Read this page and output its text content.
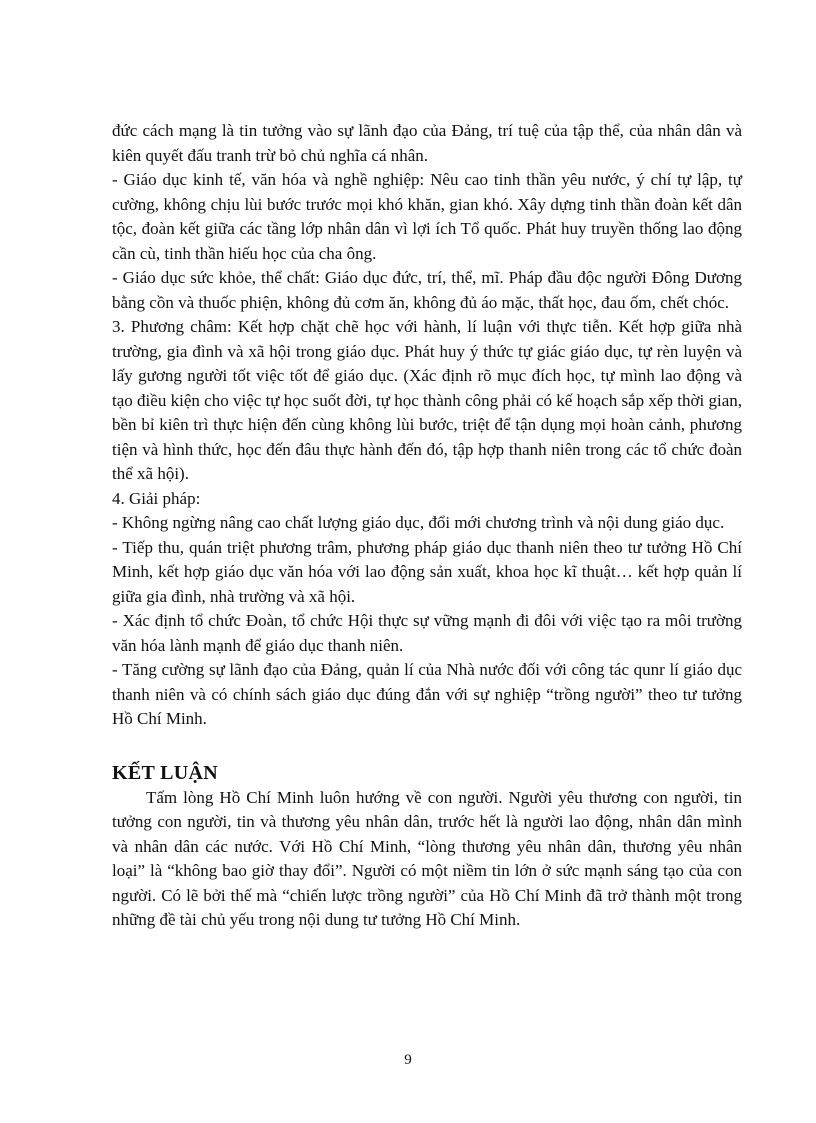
đức cách mạng là tin tưởng vào sự lãnh đạo của Đảng, trí tuệ của tập thể, của nhân dân và kiên quyết đấu tranh trừ bỏ chủ nghĩa cá nhân.

- Giáo dục kinh tế, văn hóa và nghề nghiệp: Nêu cao tinh thần yêu nước, ý chí tự lập, tự cường, không chịu lùi bước trước mọi khó khăn, gian khó. Xây dựng tinh thần đoàn kết dân tộc, đoàn kết giữa các tầng lớp nhân dân vì lợi ích Tổ quốc. Phát huy truyền thống lao động cần cù, tinh thần hiếu học của cha ông.

- Giáo dục sức khỏe, thể chất: Giáo dục đức, trí, thể, mĩ. Pháp đầu độc người Đông Dương bằng cồn và thuốc phiện, không đủ cơm ăn, không đủ áo mặc, thất học, đau ốm, chết chóc.

3. Phương châm: Kết hợp chặt chẽ học với hành, lí luận với thực tiễn. Kết hợp giữa nhà trường, gia đình và xã hội trong giáo dục. Phát huy ý thức tự giác giáo dục, tự rèn luyện và lấy gương người tốt việc tốt để giáo dục. (Xác định rõ mục đích học, tự mình lao động và tạo điều kiện cho việc tự học suốt đời, tự học thành công phải có kế hoạch sắp xếp thời gian, bền bỉ kiên trì thực hiện đến cùng không lùi bước, triệt để tận dụng mọi hoàn cảnh, phương tiện và hình thức, học đến đâu thực hành đến đó, tập hợp thanh niên trong các tổ chức đoàn thể xã hội).

4. Giải pháp:

- Không ngừng nâng cao chất lượng giáo dục, đổi mới chương trình và nội dung giáo dục.

- Tiếp thu, quán triệt phương trâm, phương pháp giáo dục thanh niên theo tư tưởng Hồ Chí Minh, kết hợp giáo dục văn hóa với lao động sản xuất, khoa học kĩ thuật… kết hợp quản lí giữa gia đình, nhà trường và xã hội.

- Xác định tổ chức Đoàn, tổ chức Hội thực sự vững mạnh đi đôi với việc tạo ra môi trường văn hóa lành mạnh để giáo dục thanh niên.

- Tăng cường sự lãnh đạo của Đảng, quản lí của Nhà nước đối với công tác qunr lí giáo dục thanh niên và có chính sách giáo dục đúng đắn với sự nghiệp “trồng người” theo tư tưởng Hồ Chí Minh.

KẾT LUẬN

Tấm lòng Hồ Chí Minh luôn hướng về con người. Người yêu thương con người, tin tưởng con người, tin và thương yêu nhân dân, trước hết là người lao động, nhân dân mình và nhân dân các nước. Với Hồ Chí Minh, “lòng thương yêu nhân dân, thương yêu nhân loại” là “không bao giờ thay đổi”. Người có một niềm tin lớn ở sức mạnh sáng tạo của con người. Có lẽ bởi thế mà “chiến lược trồng người” của Hồ Chí Minh đã trở thành một trong những đề tài chủ yếu trong nội dung tư tưởng Hồ Chí Minh.

9
